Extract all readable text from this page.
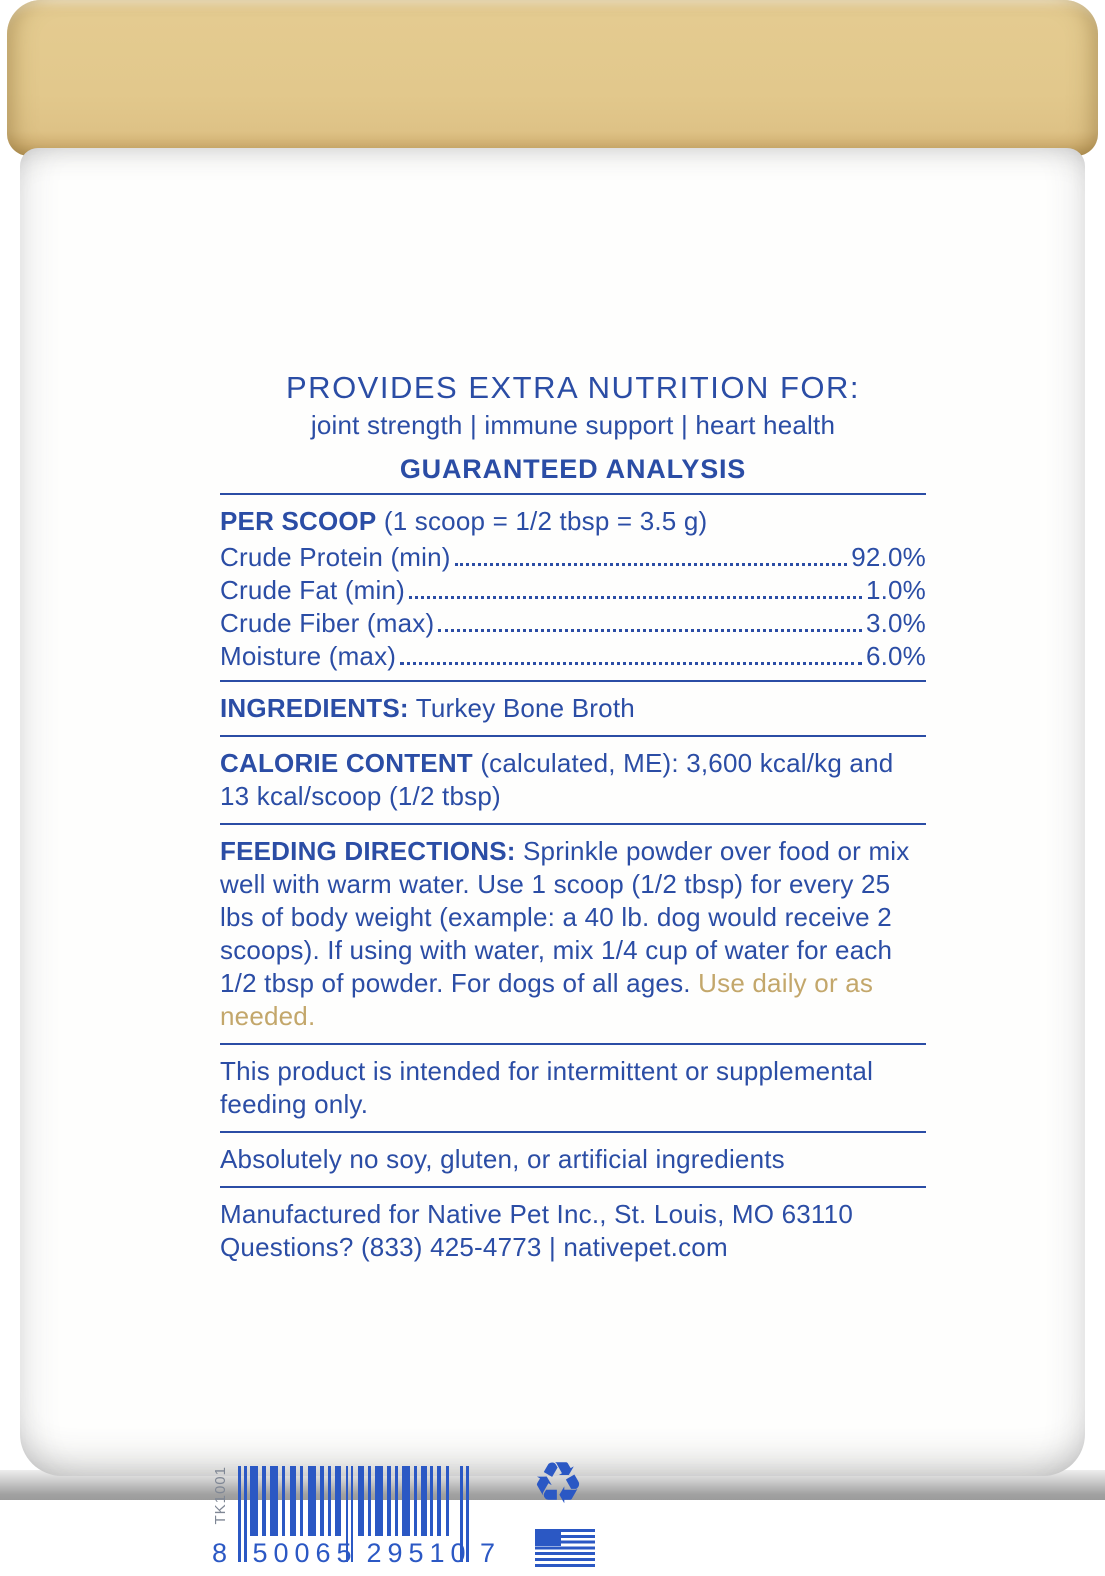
PROVIDES EXTRA NUTRITION FOR:
joint strength | immune support | heart health
GUARANTEED ANALYSIS

PER SCOOP (1 scoop = 1/2 tbsp = 3.5 g)

Crude Protein (min)	92.0%
Crude Fat (min)	1.0%
Crude Fiber (max)	3.0%
Moisture (max)	6.0%

INGREDIENTS: Turkey Bone Broth

CALORIE CONTENT (calculated, ME): 3,600 kcal/kg and 13 kcal/scoop (1/2 tbsp)

FEEDING DIRECTIONS: Sprinkle powder over food or mix well with warm water. Use 1 scoop (1/2 tbsp) for every 25 lbs of body weight (example: a 40 lb. dog would receive 2 scoops). If using with water, mix 1/4 cup of water for each 1/2 tbsp of powder. For dogs of all ages. Use daily or as needed.

This product is intended for intermittent or supplemental feeding only.

Absolutely no soy, gluten, or artificial ingredients

Manufactured for Native Pet Inc., St. Louis, MO 63110
Questions? (833) 425-4773 | nativepet.com

TK1001
8 50065 29510 7
♻
